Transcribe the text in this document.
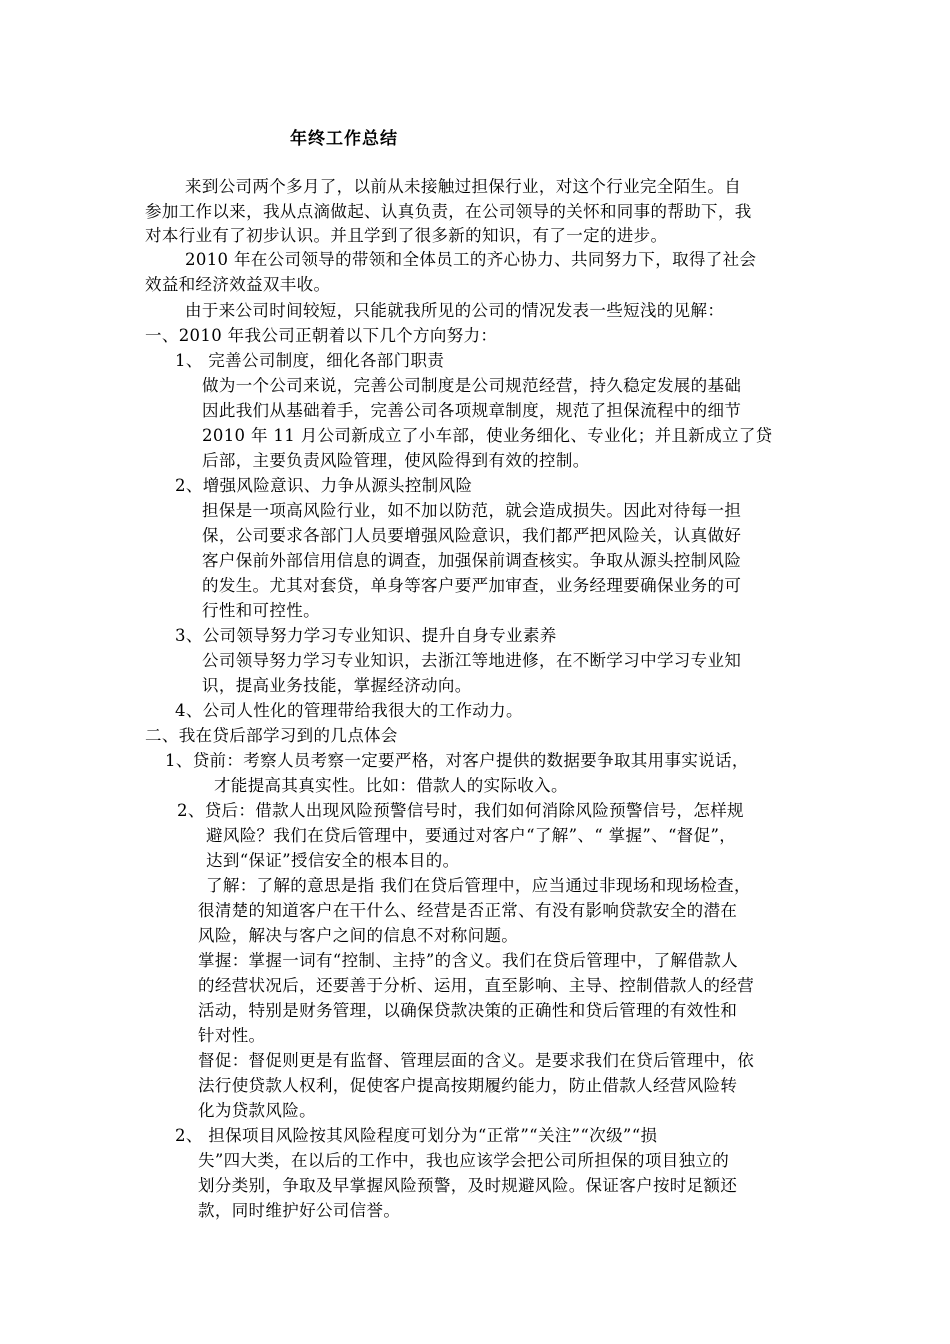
年终工作总结
来到公司两个多月了，以前从未接触过担保行业，对这个行业完全陌生。自
参加工作以来，我从点滴做起、认真负责，在公司领导的关怀和同事的帮助下，我
对本行业有了初步认识。并且学到了很多新的知识，有了一定的进步。
2010 年在公司领导的带领和全体员工的齐心协力、共同努力下，取得了社会
效益和经济效益双丰收。
由于来公司时间较短，只能就我所见的公司的情况发表一些短浅的见解：
一、2010 年我公司正朝着以下几个方向努力：
1、 完善公司制度，细化各部门职责
做为一个公司来说，完善公司制度是公司规范经营，持久稳定发展的基础
因此我们从基础着手，完善公司各项规章制度，规范了担保流程中的细节
2010 年 11 月公司新成立了小车部，使业务细化、专业化；并且新成立了贷
后部，主要负责风险管理，使风险得到有效的控制。
2、增强风险意识、力争从源头控制风险
担保是一项高风险行业，如不加以防范，就会造成损失。因此对待每一担
保，公司要求各部门人员要增强风险意识，我们都严把风险关，认真做好
客户保前外部信用信息的调查，加强保前调查核实。争取从源头控制风险
的发生。尤其对套贷，单身等客户要严加审查，业务经理要确保业务的可
行性和可控性。
3、公司领导努力学习专业知识、提升自身专业素养
公司领导努力学习专业知识，去浙江等地进修，在不断学习中学习专业知
识，提高业务技能，掌握经济动向。
4、公司人性化的管理带给我很大的工作动力。
二、我在贷后部学习到的几点体会
1、贷前：考察人员考察一定要严格，对客户提供的数据要争取其用事实说话，
才能提高其真实性。比如：借款人的实际收入。
2、贷后：借款人出现风险预警信号时，我们如何消除风险预警信号，怎样规
避风险？我们在贷后管理中，要通过对客户“了解”、“ 掌握”、“督促”，
达到“保证”授信安全的根本目的。
了解：了解的意思是指 我们在贷后管理中，应当通过非现场和现场检查，
很清楚的知道客户在干什么、经营是否正常、有没有影响贷款安全的潜在
风险，解决与客户之间的信息不对称问题。
掌握：掌握一词有“控制、主持”的含义。我们在贷后管理中，了解借款人
的经营状况后，还要善于分析、运用，直至影响、主导、控制借款人的经营
活动，特别是财务管理，以确保贷款决策的正确性和贷后管理的有效性和
针对性。
督促：督促则更是有监督、管理层面的含义。是要求我们在贷后管理中，依
法行使贷款人权利，促使客户提高按期履约能力，防止借款人经营风险转
化为贷款风险。
2、 担保项目风险按其风险程度可划分为“正常”“关注”“次级”“损
失”四大类，在以后的工作中，我也应该学会把公司所担保的项目独立的
划分类别，争取及早掌握风险预警，及时规避风险。保证客户按时足额还
款，同时维护好公司信誉。
